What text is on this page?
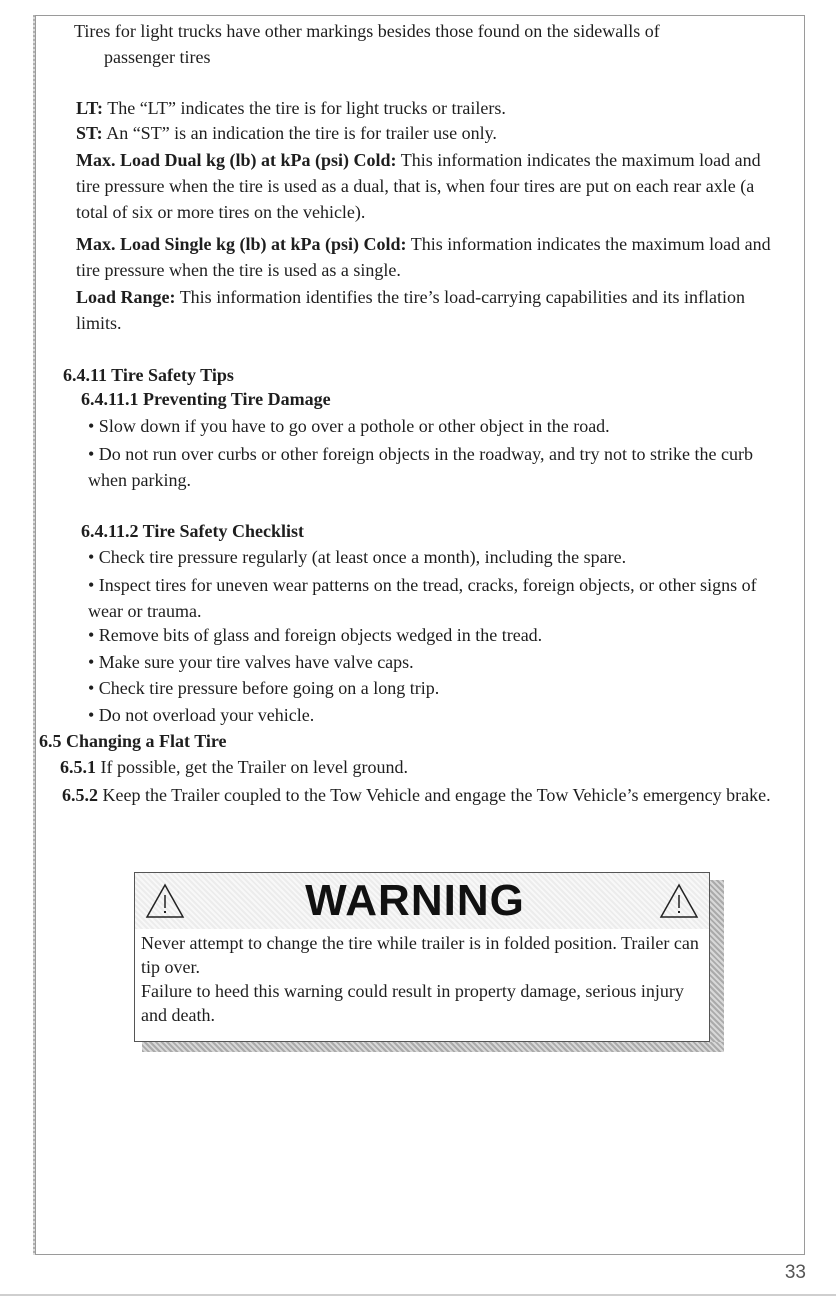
Tires for light trucks have other markings besides those found on the sidewalls of
passenger tires
LT: The “LT” indicates the tire is for light trucks or trailers.
ST: An “ST” is an indication the tire is for trailer use only.
Max. Load Dual kg (lb) at kPa (psi) Cold: This information indicates the maximum load and tire pressure when the tire is used as a dual, that is, when four tires are put on each rear axle (a total of six or more tires on the vehicle).
Max. Load Single kg (lb) at kPa (psi) Cold: This information indicates the maximum load and tire pressure when the tire is used as a single.
Load Range: This information identifies the tire’s load-carrying capabilities and its inflation limits.
6.4.11 Tire Safety Tips
6.4.11.1 Preventing Tire Damage
• Slow down if you have to go over a pothole or other object in the road.
• Do not run over curbs or other foreign objects in the roadway, and try not to strike the curb when parking.
6.4.11.2 Tire Safety Checklist
• Check tire pressure regularly (at least once a month), including the spare.
• Inspect tires for uneven wear patterns on the tread, cracks, foreign objects, or other signs of wear or trauma.
• Remove bits of glass and foreign objects wedged in the tread.
• Make sure your tire valves have valve caps.
• Check tire pressure before going on a long trip.
• Do not overload your vehicle.
6.5 Changing a Flat Tire
6.5.1 If possible, get the Trailer on level ground.
6.5.2 Keep the Trailer coupled to the Tow Vehicle and engage the Tow Vehicle’s emergency brake.
WARNING
Never attempt to change the tire while trailer is in folded position. Trailer can tip over.
Failure to heed this warning could result in property damage, serious injury and death.
33
